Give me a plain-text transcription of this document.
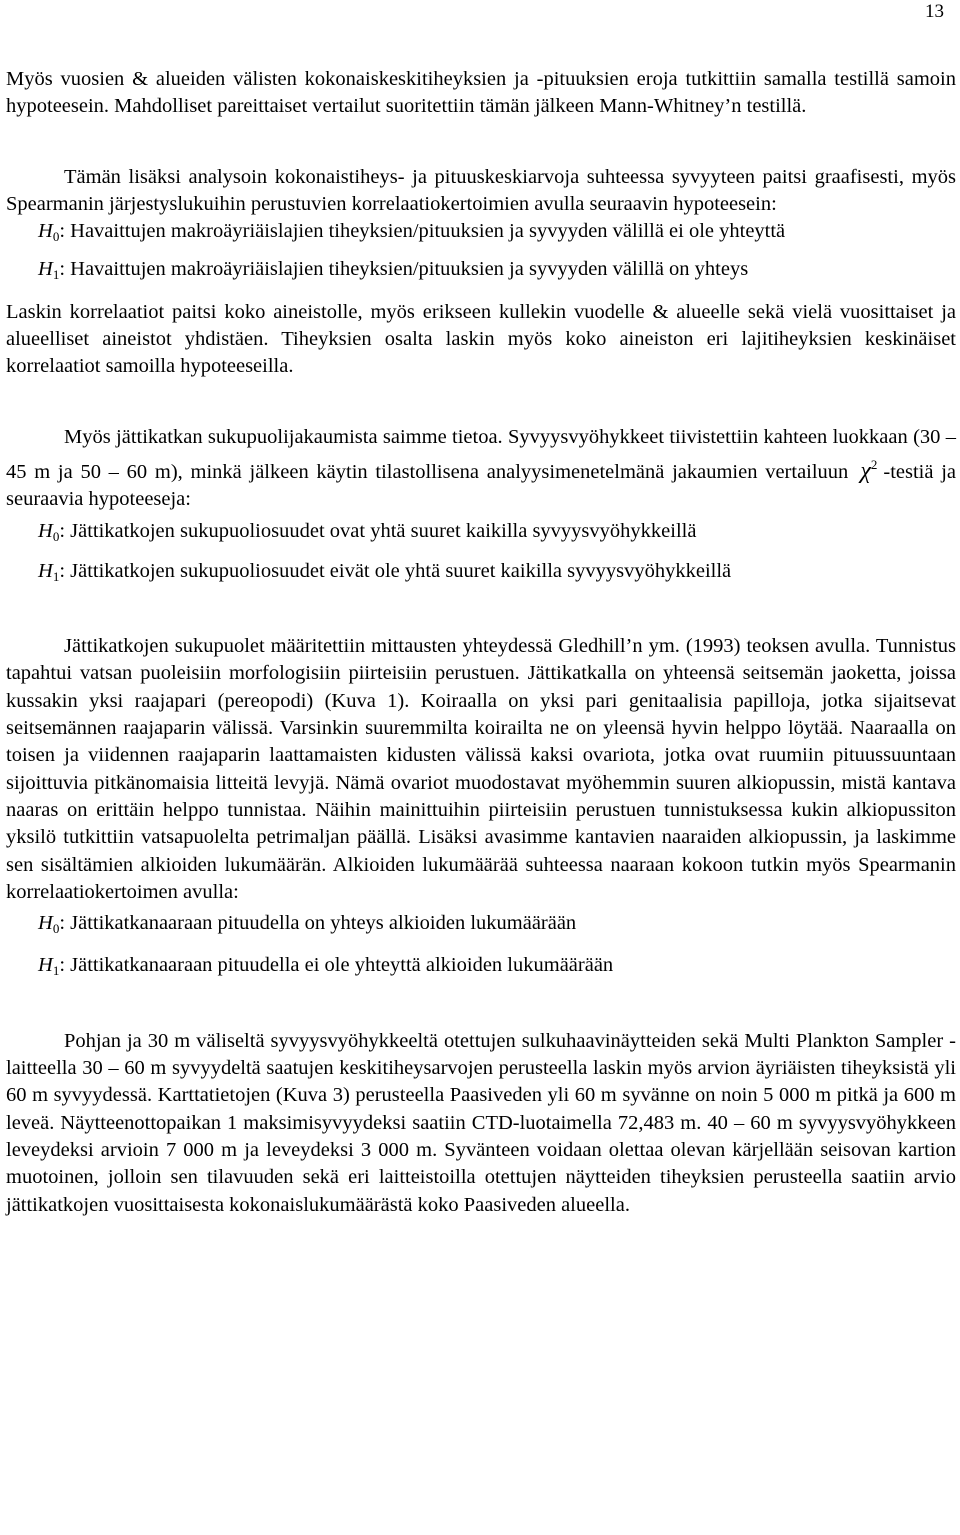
13

Myös vuosien & alueiden välisten kokonaiskeskitiheyksien ja -pituuksien eroja tutkittiin samalla testillä samoin hypoteesein. Mahdolliset pareittaiset vertailut suoritettiin tämän jälkeen Mann-Whitney’n testillä.

Tämän lisäksi analysoin kokonaistiheys- ja pituuskeskiarvoja suhteessa syvyyteen paitsi graafisesti, myös Spearmanin järjestyslukuihin perustuvien korrelaatiokertoimien avulla seuraavin hypoteesein:

$H_0$: Havaittujen makroäyriäislajien tiheyksien/pituuksien ja syvyyden välillä ei ole yhteyttä

$H_1$: Havaittujen makroäyriäislajien tiheyksien/pituuksien ja syvyyden välillä on yhteys

Laskin korrelaatiot paitsi koko aineistolle, myös erikseen kullekin vuodelle & alueelle sekä vielä vuosittaiset ja alueelliset aineistot yhdistäen. Tiheyksien osalta laskin myös koko aineiston eri lajitiheyksien keskinäiset korrelaatiot samoilla hypoteeseilla.

Myös jättikatkan sukupuolijakaumista saimme tietoa. Syvyysvyöhykkeet tiivistettiin kahteen luokkaan (30 – 45 m ja 50 – 60 m), minkä jälkeen käytin tilastollisena analyysimenetelmänä jakaumien vertailuun $\chi^2$ -testiä ja seuraavia hypoteeseja:

$H_0$: Jättikatkojen sukupuoliosuudet ovat yhtä suuret kaikilla syvyysvyöhykkeillä

$H_1$: Jättikatkojen sukupuoliosuudet eivät ole yhtä suuret kaikilla syvyysvyöhykkeillä

Jättikatkojen sukupuolet määritettiin mittausten yhteydessä Gledhill’n ym. (1993) teoksen avulla. Tunnistus tapahtui vatsan puoleisiin morfologisiin piirteisiin perustuen. Jättikatkalla on yhteensä seitsemän jaoketta, joissa kussakin yksi raajapari (pereopodi) (Kuva 1). Koiraalla on yksi pari genitaalisia papilloja, jotka sijaitsevat seitsemännen raajaparin välissä. Varsinkin suuremmilta koirailta ne on yleensä hyvin helppo löytää. Naaraalla on toisen ja viidennen raajaparin laattamaisten kidusten välissä kaksi ovariota, jotka ovat ruumiin pituussuuntaan sijoittuvia pitkänomaisia litteitä levyjä. Nämä ovariot muodostavat myöhemmin suuren alkiopussin, mistä kantava naaras on erittäin helppo tunnistaa. Näihin mainittuihin piirteisiin perustuen tunnistuksessa kukin alkiopussiton yksilö tutkittiin vatsapuolelta petrimaljan päällä. Lisäksi avasimme kantavien naaraiden alkiopussin, ja laskimme sen sisältämien alkioiden lukumäärän. Alkioiden lukumäärää suhteessa naaraan kokoon tutkin myös Spearmanin korrelaatiokertoimen avulla:

$H_0$: Jättikatkanaaraan pituudella on yhteys alkioiden lukumäärään

$H_1$: Jättikatkanaaraan pituudella ei ole yhteyttä alkioiden lukumäärään

Pohjan ja 30 m väliseltä syvyysvyöhykkeeltä otettujen sulkuhaavinäytteiden sekä Multi Plankton Sampler -laitteella 30 – 60 m syvyydeltä saatujen keskitiheysarvojen perusteella laskin myös arvion äyriäisten tiheyksistä yli 60 m syvyydessä. Karttatietojen (Kuva 3) perusteella Paasiveden yli 60 m syvänne on noin 5 000 m pitkä ja 600 m leveä. Näytteenottopaikan 1 maksimisyvyydeksi saatiin CTD-luotaimella 72,483 m. 40 – 60 m syvyysvyöhykkeen leveydeksi arvioin 7 000 m ja leveydeksi 3 000 m. Syvänteen voidaan olettaa olevan kärjellään seisovan kartion muotoinen, jolloin sen tilavuuden sekä eri laitteistoilla otettujen näytteiden tiheyksien perusteella saatiin arvio jättikatkojen vuosittaisesta kokonaislukumäärästä koko Paasiveden alueella.
